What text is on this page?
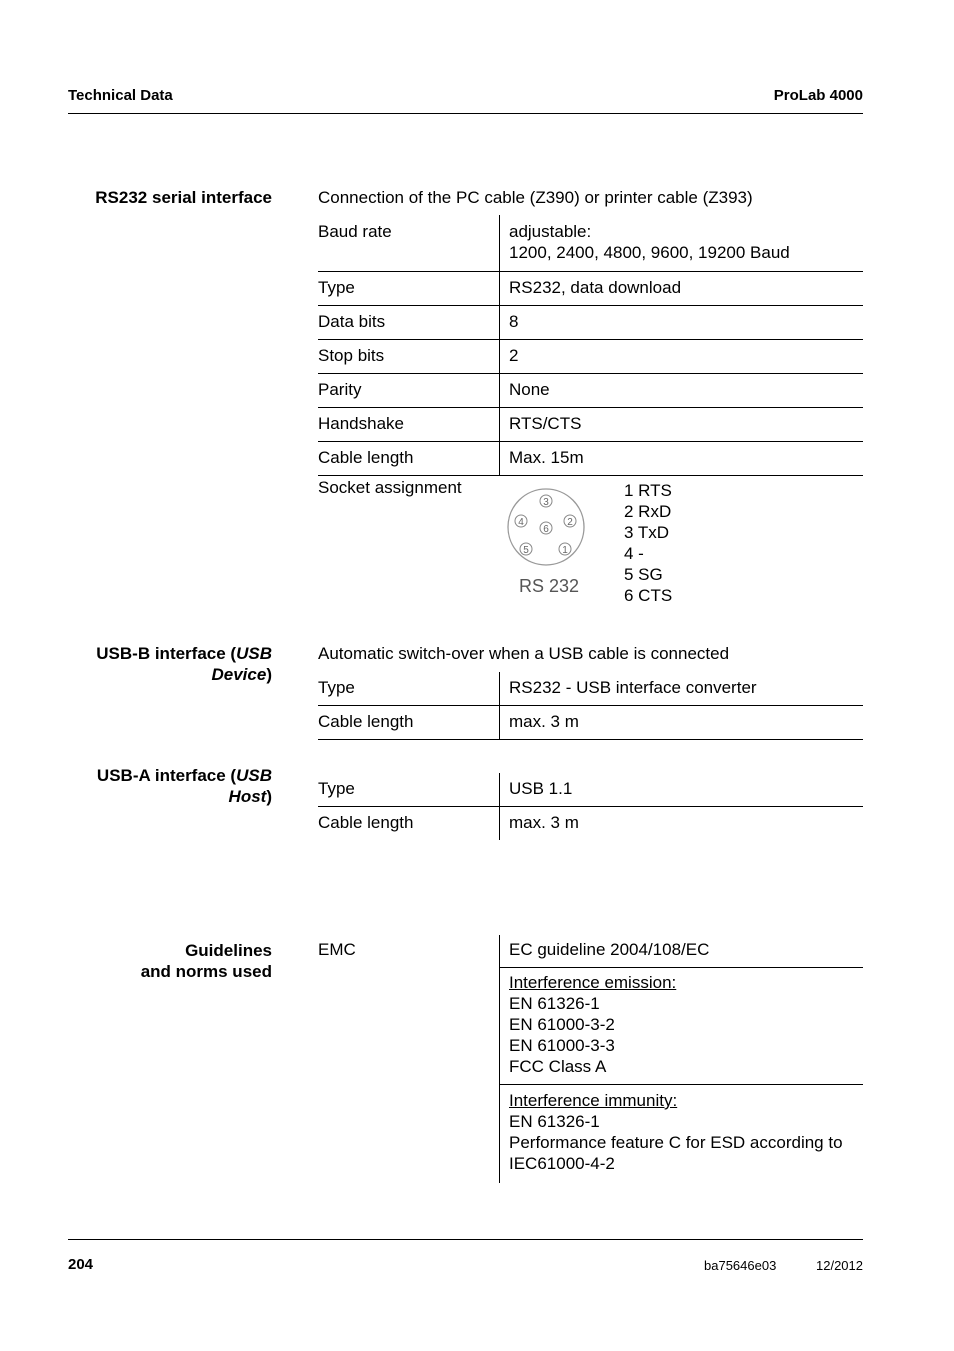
Technical Data	ProLab 4000
RS232 serial interface	Connection of the PC cable (Z390) or printer cable (Z393)
Baud rate	adjustable:
1200, 2400, 4800, 9600, 19200 Baud

Type	RS232, data download
Data bits	8
Stop bits	2
Parity	None
Handshake	RTS/CTS
Cable length	Max. 15m
Socket assignment
3
4	2
6
5	1
RS 232
1 RTS
2 RxD
3 TxD
4 -
5 SG
6 CTS
USB-B interface (USB
Device)
Automatic switch-over when a USB cable is connected
Type	RS232 - USB interface converter
Cable length	max. 3 m
USB-A interface (USB
Host)	Type	USB 1.1
Cable length	max. 3 m
Guidelines
and norms used
EMC	EC guideline 2004/108/EC

Interference emission:
EN 61326-1
EN 61000-3-2
EN 61000-3-3
FCC Class A

Interference immunity:
EN 61326-1
Performance feature C for ESD according to
IEC61000-4-2
204	ba75646e03	12/2012
